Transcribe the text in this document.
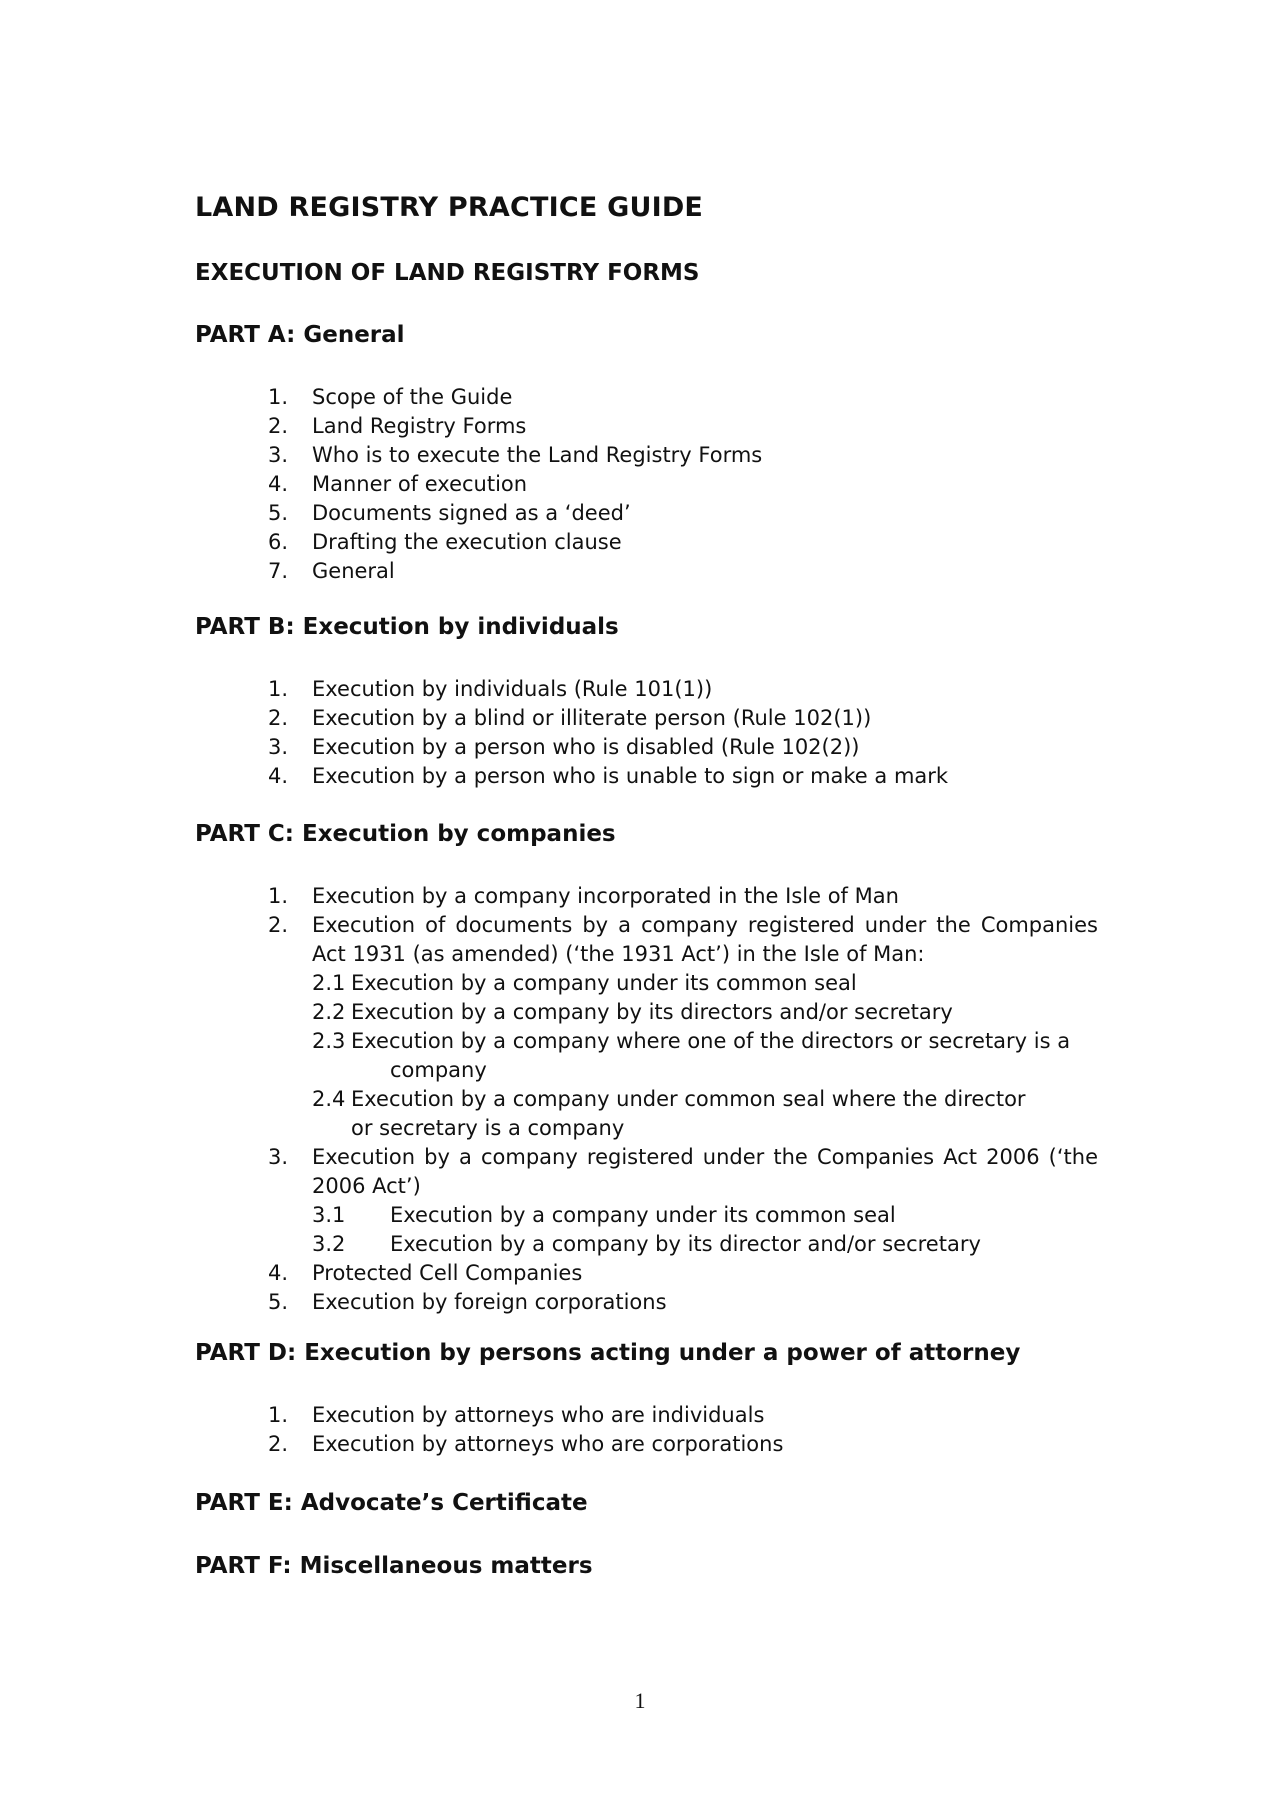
LAND REGISTRY PRACTICE GUIDE
EXECUTION OF LAND REGISTRY FORMS
PART A: General
1. Scope of the Guide
2. Land Registry Forms
3. Who is to execute the Land Registry Forms
4. Manner of execution
5. Documents signed as a ‘deed’
6. Drafting the execution clause
7. General
PART B: Execution by individuals
1. Execution by individuals (Rule 101(1))
2. Execution by a blind or illiterate person (Rule 102(1))
3. Execution by a person who is disabled (Rule 102(2))
4. Execution by a person who is unable to sign or make a mark
PART C: Execution by companies
1. Execution by a company incorporated in the Isle of Man
2. Execution of documents by a company registered under the Companies Act 1931 (as amended) (‘the 1931 Act’) in the Isle of Man:
2.1 Execution by a company under its common seal
2.2 Execution by a company by its directors and/or secretary
2.3 Execution by a company where one of the directors or secretary is a
company
2.4 Execution by a company under common seal where the director or secretary is a company
3. Execution by a company registered under the Companies Act 2006 (‘the 2006 Act’)
3.1 Execution by a company under its common seal
3.2 Execution by a company by its director and/or secretary
4. Protected Cell Companies
5. Execution by foreign corporations
PART D: Execution by persons acting under a power of attorney
1. Execution by attorneys who are individuals
2. Execution by attorneys who are corporations
PART E: Advocate’s Certificate
PART F: Miscellaneous matters
1
